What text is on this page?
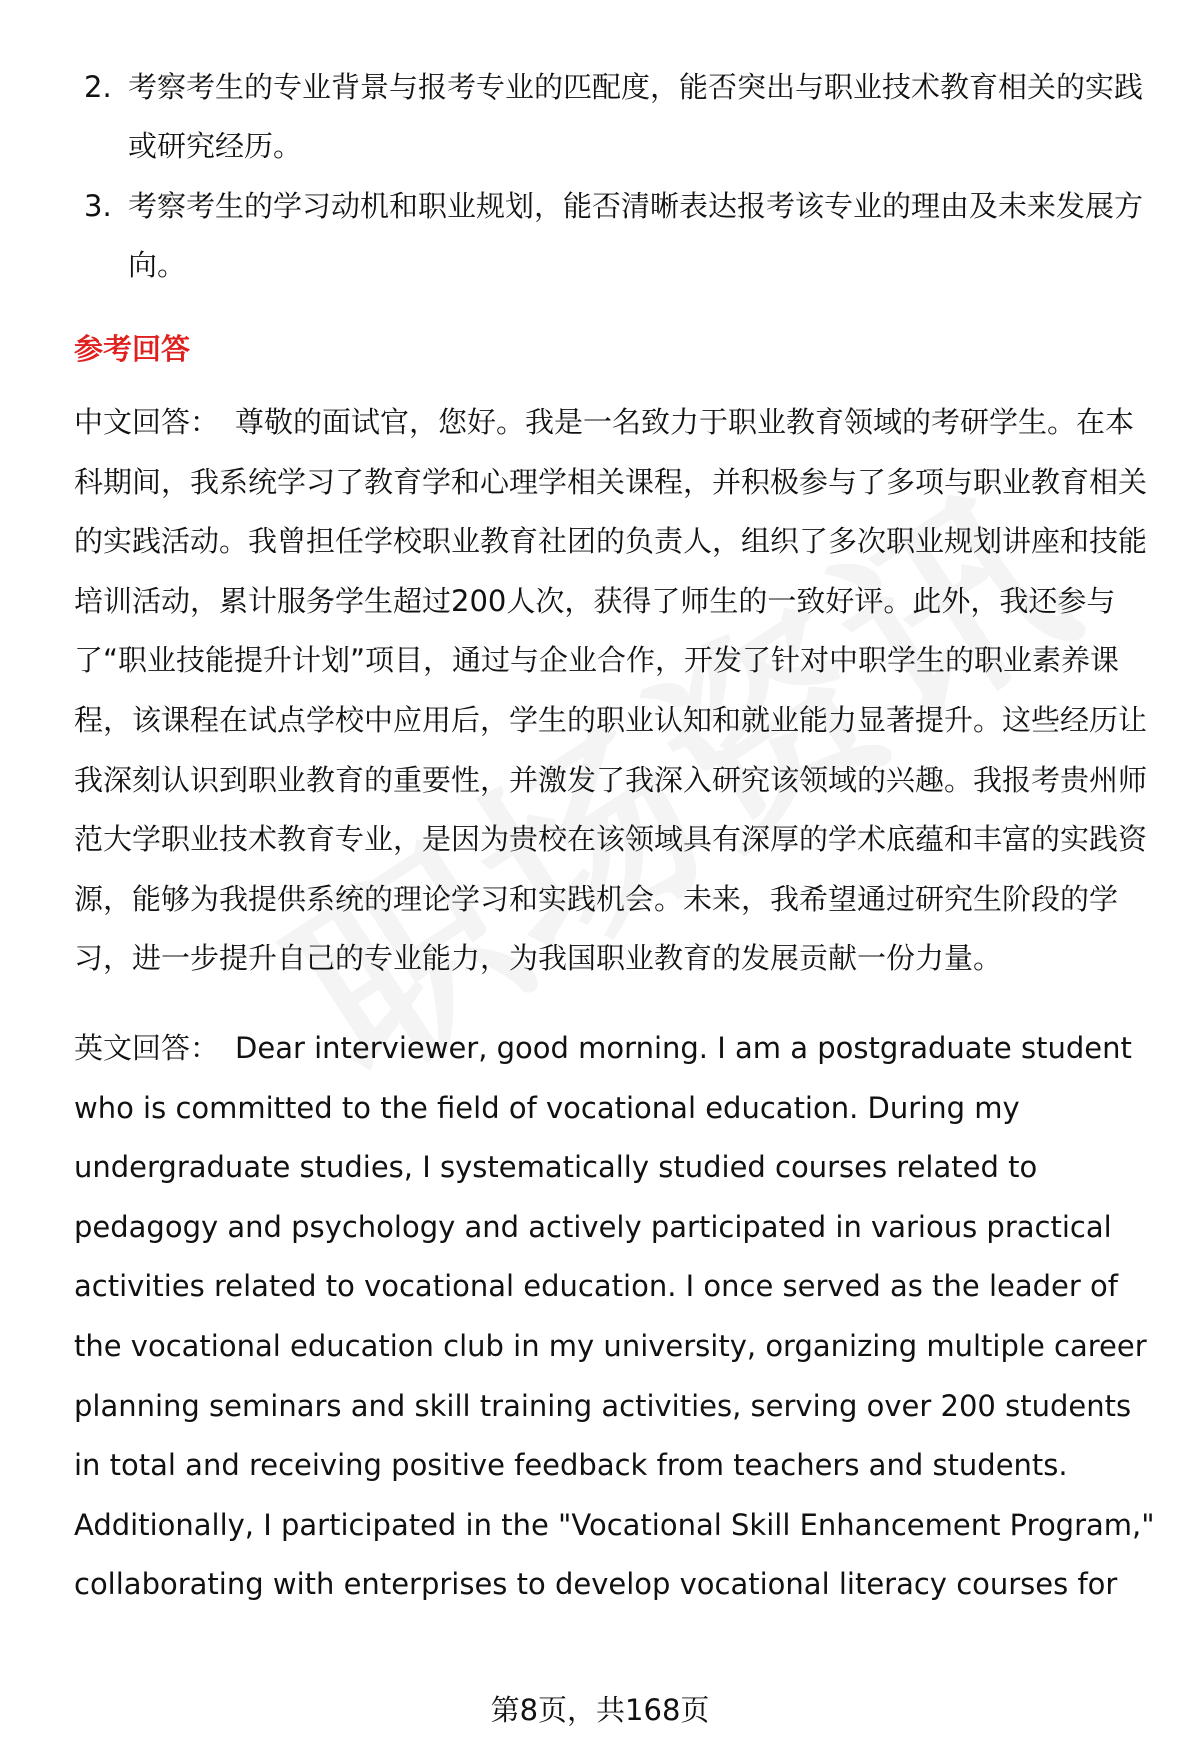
2. 考察考生的专业背景与报考专业的匹配度，能否突出与职业技术教育相关的实践或研究经历。
3. 考察考生的学习动机和职业规划，能否清晰表达报考该专业的理由及未来发展方向。
参考回答

中文回答： 尊敬的面试官，您好。我是一名致力于职业教育领域的考研学生。在本科期间，我系统学习了教育学和心理学相关课程，并积极参与了多项与职业教育相关的实践活动。我曾担任学校职业教育社团的负责人，组织了多次职业规划讲座和技能培训活动，累计服务学生超过200人次，获得了师生的一致好评。此外，我还参与了“职业技能提升计划”项目，通过与企业合作，开发了针对中职学生的职业素养课程，该课程在试点学校中应用后，学生的职业认知和就业能力显著提升。这些经历让我深刻认识到职业教育的重要性，并激发了我深入研究该领域的兴趣。我报考贵州师范大学职业技术教育专业，是因为贵校在该领域具有深厚的学术底蕴和丰富的实践资源，能够为我提供系统的理论学习和实践机会。未来，我希望通过研究生阶段的学习，进一步提升自己的专业能力，为我国职业教育的发展贡献一份力量。

英文回答： Dear interviewer, good morning. I am a postgraduate student who is committed to the field of vocational education. During my undergraduate studies, I systematically studied courses related to pedagogy and psychology and actively participated in various practical activities related to vocational education. I once served as the leader of the vocational education club in my university, organizing multiple career planning seminars and skill training activities, serving over 200 students in total and receiving positive feedback from teachers and students. Additionally, I participated in the "Vocational Skill Enhancement Program," collaborating with enterprises to develop vocational literacy courses for

第8页，共168页
